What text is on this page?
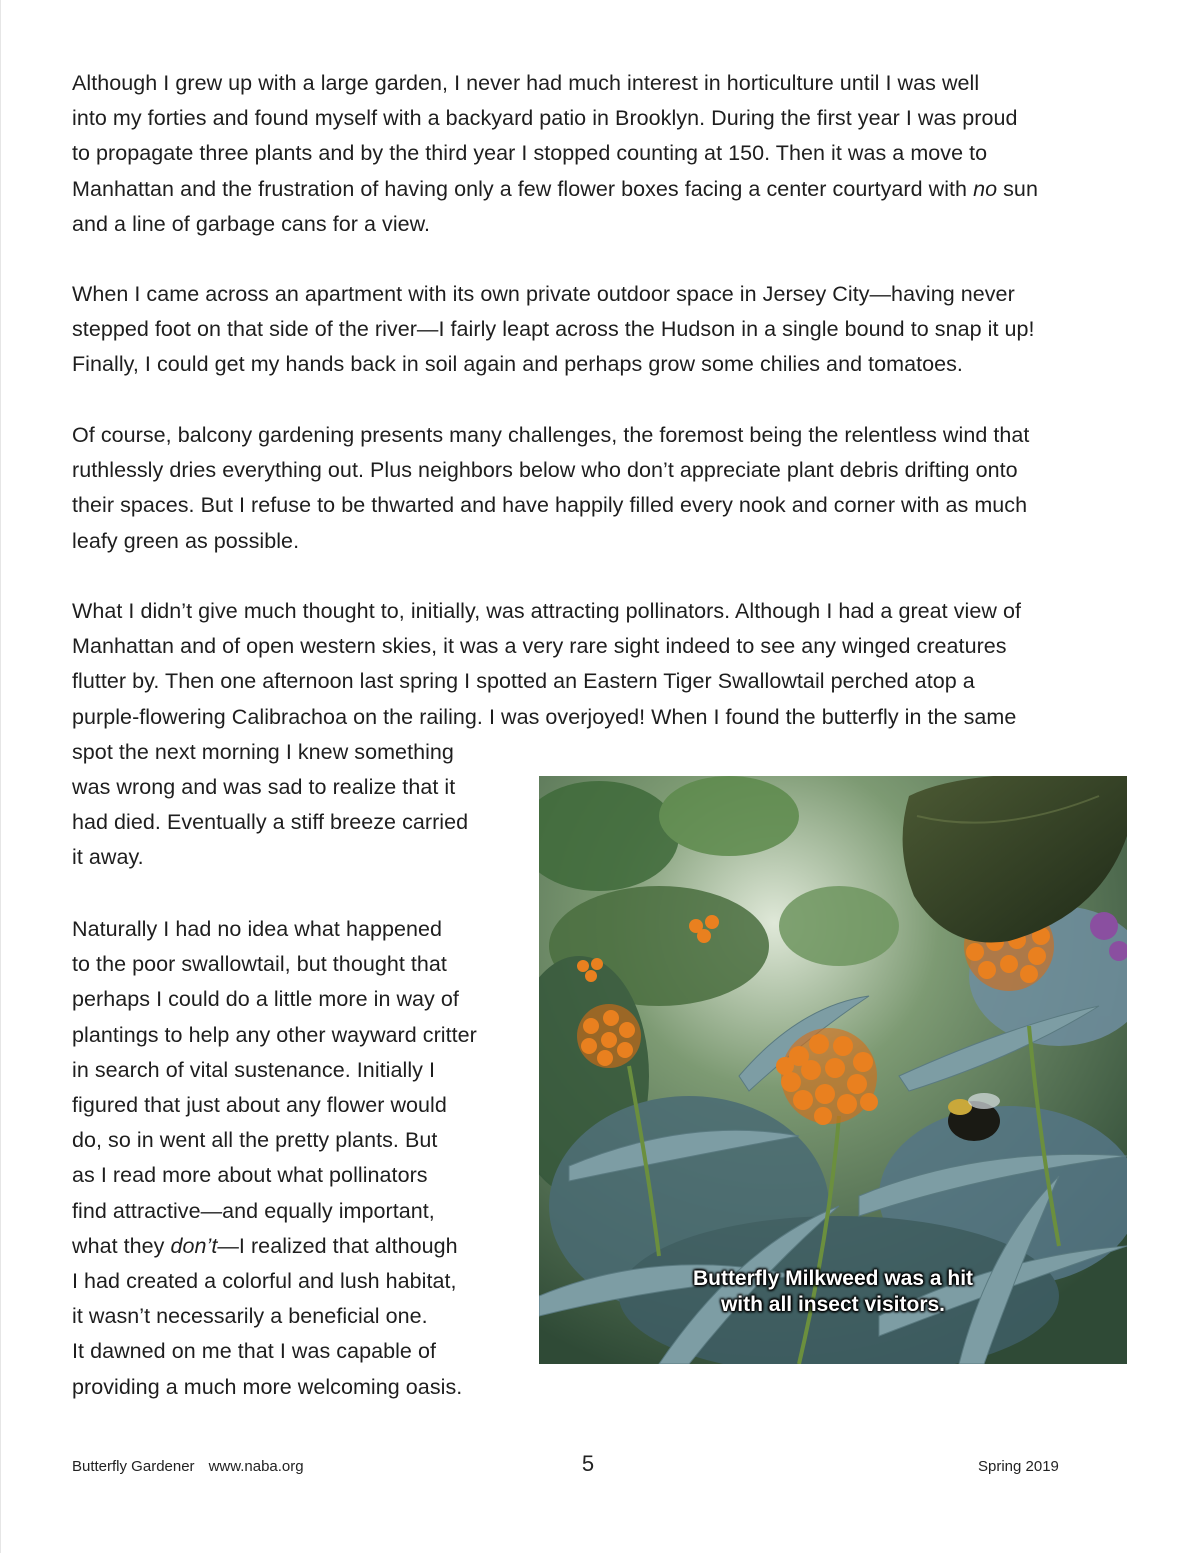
Although I grew up with a large garden, I never had much interest in horticulture until I was well
into my forties and found myself with a backyard patio in Brooklyn. During the first year I was proud
to propagate three plants and by the third year I stopped counting at 150. Then it was a move to
Manhattan and the frustration of having only a few flower boxes facing a center courtyard with no sun
and a line of garbage cans for a view.

When I came across an apartment with its own private outdoor space in Jersey City—having never
stepped foot on that side of the river—I fairly leapt across the Hudson in a single bound to snap it up!
Finally, I could get my hands back in soil again and perhaps grow some chilies and tomatoes.

Of course, balcony gardening presents many challenges, the foremost being the relentless wind that
ruthlessly dries everything out. Plus neighbors below who don’t appreciate plant debris drifting onto
their spaces. But I refuse to be thwarted and have happily filled every nook and corner with as much
leafy green as possible.

What I didn’t give much thought to, initially, was attracting pollinators. Although I had a great view of
Manhattan and of open western skies, it was a very rare sight indeed to see any winged creatures
flutter by. Then one afternoon last spring I spotted an Eastern Tiger Swallowtail perched atop a
purple-flowering Calibrachoa on the railing. I was overjoyed! When I found the butterfly in the same
spot the next morning I knew something
was wrong and was sad to realize that it
had died. Eventually a stiff breeze carried
it away.

Naturally I had no idea what happened
to the poor swallowtail, but thought that
perhaps I could do a little more in way of
plantings to help any other wayward critter
in search of vital sustenance. Initially I
figured that just about any flower would
do, so in went all the pretty plants. But
as I read more about what pollinators
find attractive—and equally important,
what they don’t—I realized that although
I had created a colorful and lush habitat,
it wasn’t necessarily a beneficial one.
It dawned on me that I was capable of
providing a much more welcoming oasis.

Butterfly Milkweed was a hit
with all insect visitors.
Butterfly Gardener www.naba.org	5	Spring 2019
